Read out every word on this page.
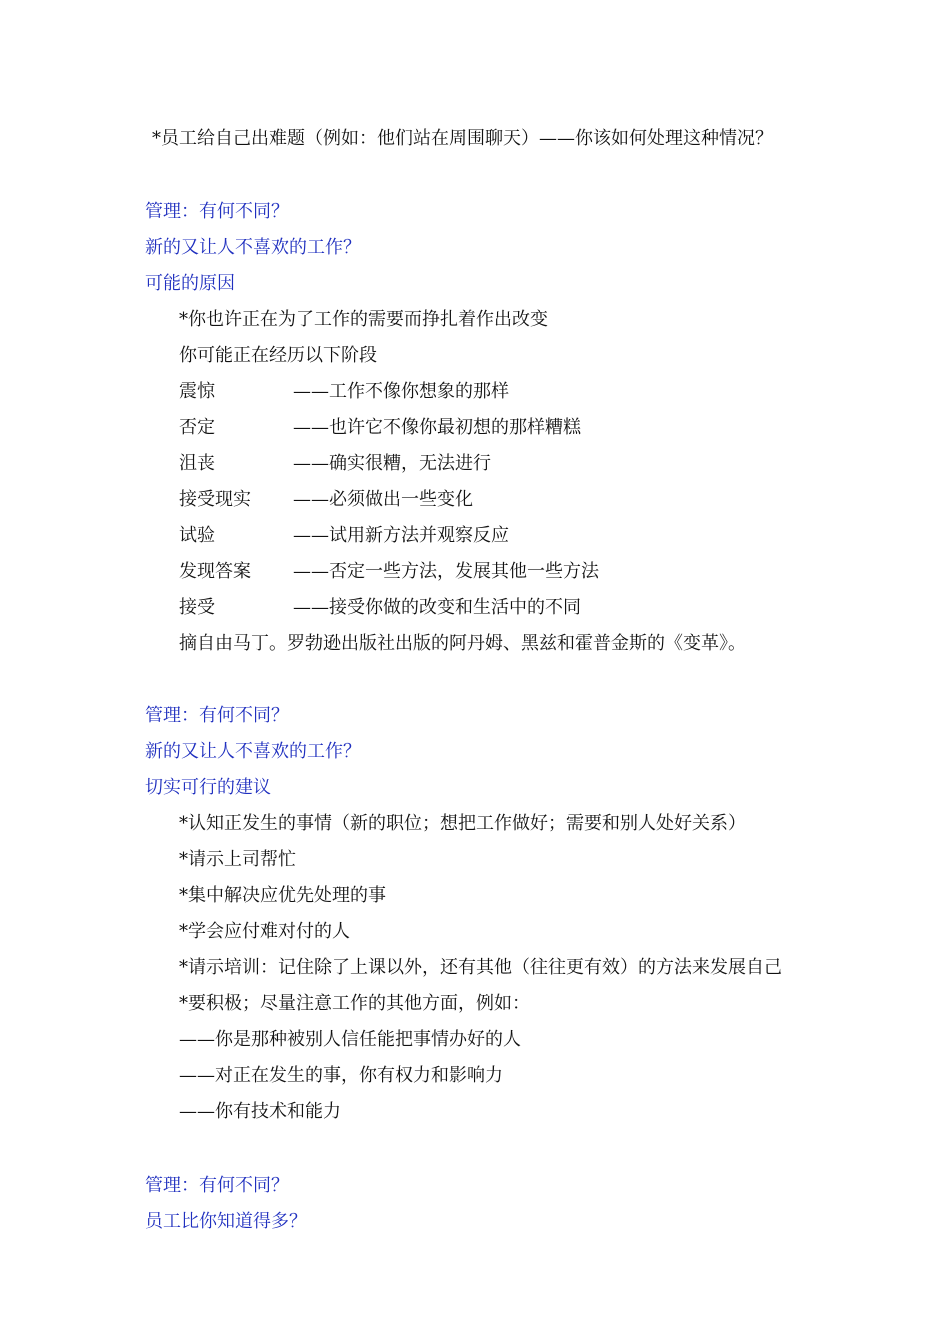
*员工给自己出难题（例如：他们站在周围聊天）——你该如何处理这种情况？
管理：有何不同？
新的又让人不喜欢的工作？
可能的原因
*你也许正在为了工作的需要而挣扎着作出改变
你可能正在经历以下阶段
震惊	——工作不像你想象的那样
否定	——也许它不像你最初想的那样糟糕
沮丧	——确实很糟，无法进行
接受现实 ——必须做出一些变化
试验	——试用新方法并观察反应
发现答案 ——否定一些方法，发展其他一些方法
接受	——接受你做的改变和生活中的不同
摘自由马丁。罗勃逊出版社出版的阿丹姆、黑兹和霍普金斯的《变革》。
管理：有何不同？
新的又让人不喜欢的工作？
切实可行的建议
*认知正发生的事情（新的职位；想把工作做好；需要和别人处好关系）
*请示上司帮忙
*集中解决应优先处理的事
*学会应付难对付的人
*请示培训：记住除了上课以外，还有其他（往往更有效）的方法来发展自己
*要积极；尽量注意工作的其他方面，例如：
——你是那种被别人信任能把事情办好的人
——对正在发生的事，你有权力和影响力
——你有技术和能力
管理：有何不同？
员工比你知道得多？
